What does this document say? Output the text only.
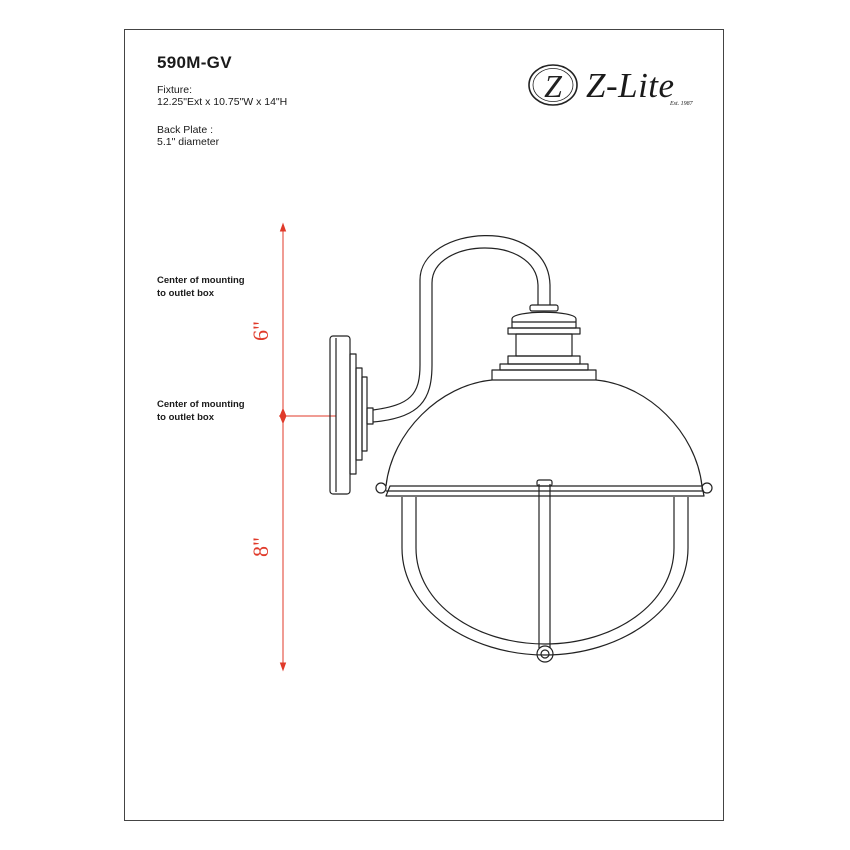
590M-GV
Fixture:
12.25"Ext x 10.75"W x 14"H
Back Plate :
5.1" diameter
Center of mounting
to outlet box
Center of mounting
to outlet box
6"
8"
Z Z-Lite
Est. 1987
